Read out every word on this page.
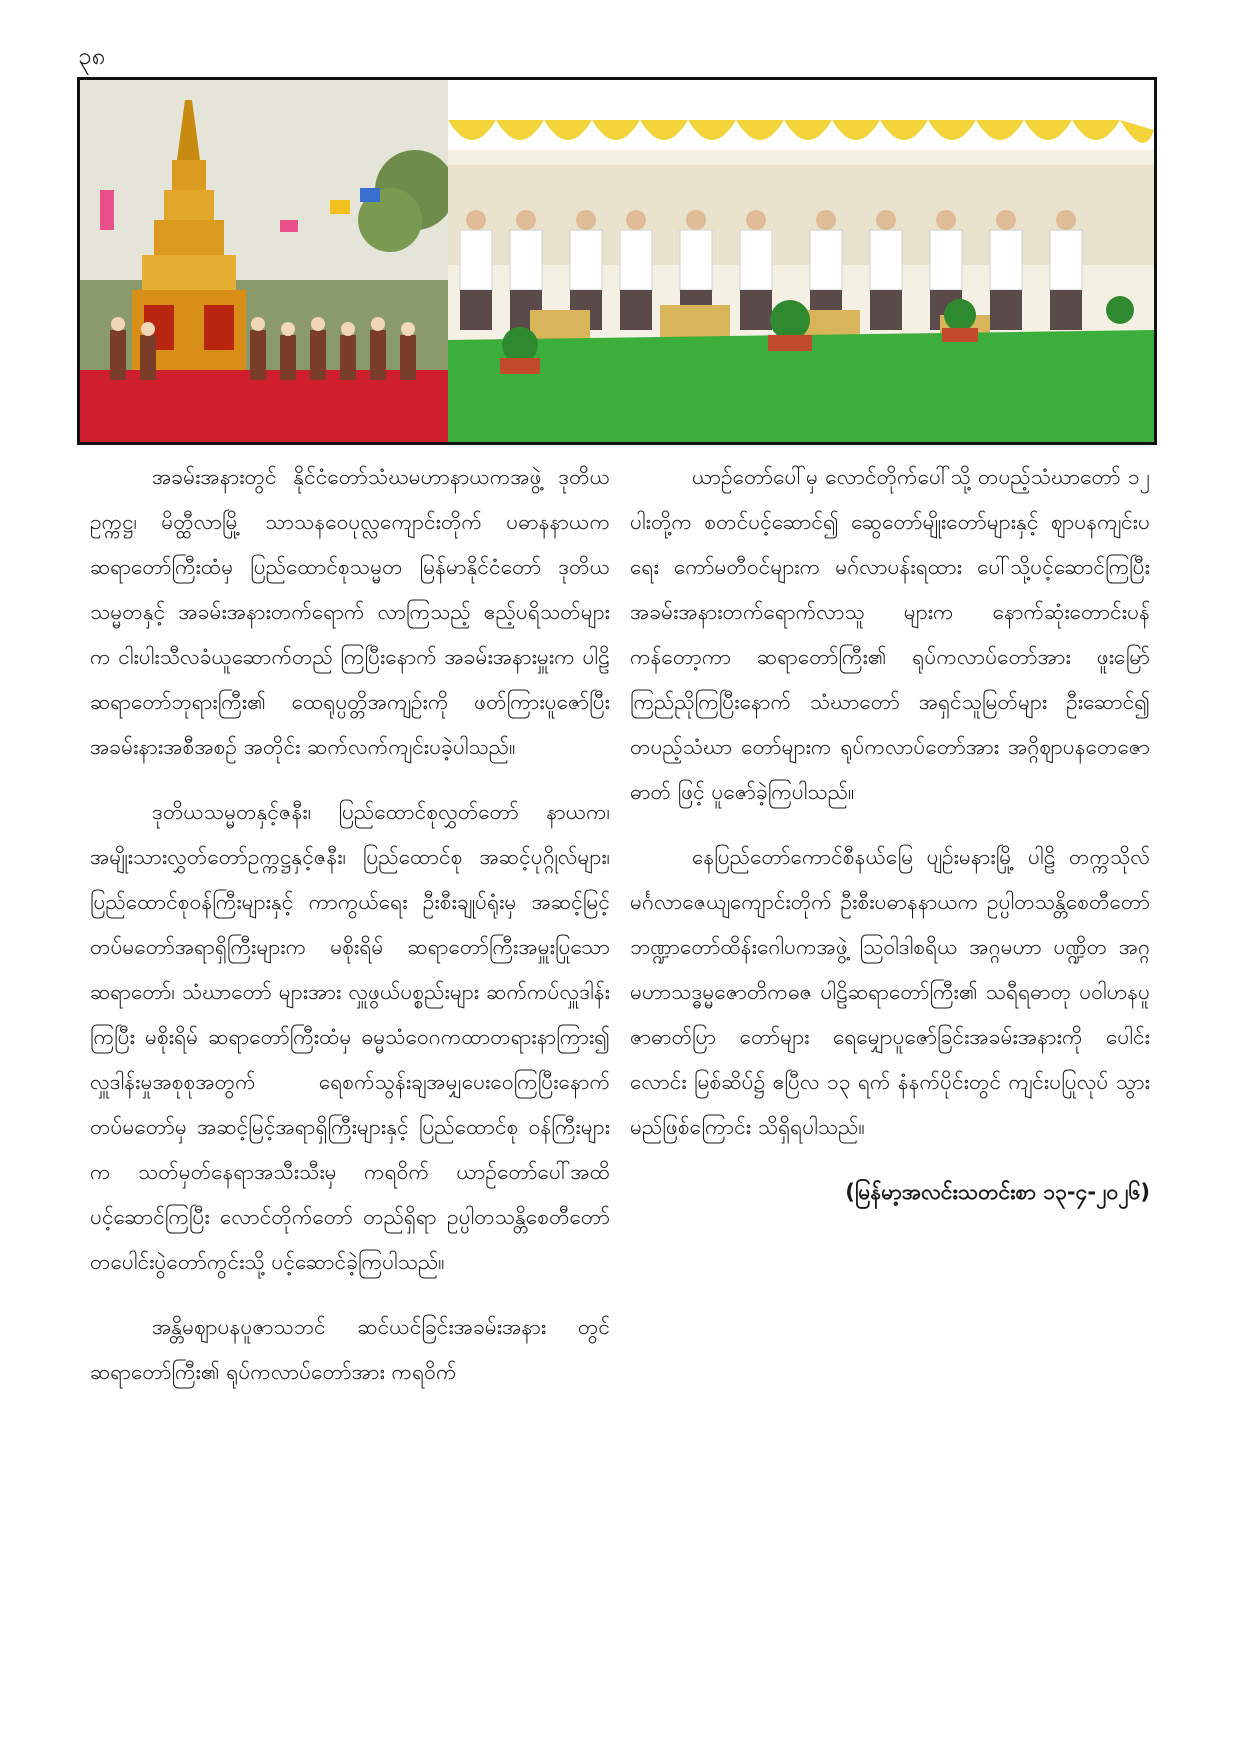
၃၈

အခမ်းအနားတွင် နိုင်ငံတော်သံဃမဟာနာယကအဖွဲ့ ဒုတိယဥက္ကဋ္ဌ၊ မိတ္ထီလာမြို့ သာသနဝေပုလ္လကျောင်းတိုက် ပဓာနနာယကဆရာတော်ကြီးထံမှ ပြည်ထောင်စုသမ္မတ မြန်မာနိုင်ငံတော် ဒုတိယသမ္မတနှင့် အခမ်းအနားတက်ရောက် လာကြသည့် ဧည့်ပရိသတ်များက ငါးပါးသီလခံယူဆောက်တည် ကြပြီးနောက် အခမ်းအနားမှူးက ပါဠိဆရာတော်ဘုရားကြီး၏ ထေရုပ္ပတ္တိအကျဉ်းကို ဖတ်ကြားပူဇော်ပြီး အခမ်းနားအစီအစဉ် အတိုင်း ဆက်လက်ကျင်းပခဲ့ပါသည်။

ဒုတိယသမ္မတနှင့်ဇနီး၊ ပြည်ထောင်စုလွှတ်တော် နာယက၊ အမျိုးသားလွှတ်တော်ဥက္ကဋ္ဌနှင့်ဇနီး၊ ပြည်ထောင်စု အဆင့်ပုဂ္ဂိုလ်များ၊ ပြည်ထောင်စုဝန်ကြီးများနှင့် ကာကွယ်ရေး ဦးစီးချုပ်ရုံးမှ အဆင့်မြင့်တပ်မတော်အရာရှိကြီးများက မစိုးရိမ် ဆရာတော်ကြီးအမှူးပြုသော ဆရာတော်၊ သံဃာတော် များအား လှူဖွယ်ပစ္စည်းများ ဆက်ကပ်လှူဒါန်းကြပြီး မစိုးရိမ် ဆရာတော်ကြီးထံမှ ဓမ္မသံဝေဂကထာတရားနာကြား၍ လှူဒါန်းမှုအစုစုအတွက် ရေစက်သွန်းချအမျှပေးဝေကြပြီးနောက် တပ်မတော်မှ အဆင့်မြင့်အရာရှိကြီးများနှင့် ပြည်ထောင်စု ဝန်ကြီးများက သတ်မှတ်နေရာအသီးသီးမှ ကရဝိက် ယာဉ်တော်ပေါ်အထိ ပင့်ဆောင်ကြပြီး လောင်တိုက်တော် တည်ရှိရာ ဥပ္ပါတသန္တိစေတီတော် တပေါင်းပွဲတော်ကွင်းသို့ ပင့်ဆောင်ခဲ့ကြပါသည်။

အန္တိမဈာပနပူဇာသဘင် ဆင်ယင်ခြင်းအခမ်းအနား တွင် ဆရာတော်ကြီး၏ ရုပ်ကလာပ်တော်အား ကရဝိက်

ယာဉ်တော်ပေါ်မှ လောင်တိုက်ပေါ်သို့ တပည့်သံဃာတော် ၁၂ ပါးတို့က စတင်ပင့်ဆောင်၍ ဆွေတော်မျိုးတော်များနှင့် ဈာပနကျင်းပရေး ကော်မတီဝင်များက မဂ်လာပန်းရထား ပေါ်သို့ပင့်ဆောင်ကြပြီး အခမ်းအနားတက်ရောက်လာသူ များက နောက်ဆုံးတောင်းပန်ကန်တော့ကာ ဆရာတော်ကြီး၏ ရုပ်ကလာပ်တော်အား ဖူးမြော်ကြည်ညိုကြပြီးနောက် သံဃာတော် အရှင်သူမြတ်များ ဦးဆောင်၍ တပည့်သံဃာ တော်များက ရုပ်ကလာပ်တော်အား အဂ္ဂိဈာပနတေဇောဓာတ် ဖြင့် ပူဇော်ခဲ့ကြပါသည်။

နေပြည်တော်ကောင်စီနယ်မြေ ပျဉ်းမနားမြို့ ပါဠိ တက္ကသိုလ် မင်္ဂလာဇေယျကျောင်းတိုက် ဦးစီးပဓာနနာယက ဥပ္ပါတသန္တိစေတီတော် ဘဏ္ဍာတော်ထိန်းဂေါပကအဖွဲ့ ဩဝါဒါစရိယ အဂ္ဂမဟာ ပဏ္ဍိတ အဂ္ဂမဟာသဒ္ဓမ္မဇောတိကဓဇ ပါဠိဆရာတော်ကြီး၏ သရီရဓာတု ပဝါဟနပူဇာဓာတ်ပြာ တော်များ ရေမျှောပူဇော်ခြင်းအခမ်းအနားကို ပေါင်းလောင်း မြစ်ဆိပ်၌ ဧပြီလ ၁၃ ရက် နံနက်ပိုင်းတွင် ကျင်းပပြုလုပ် သွားမည်ဖြစ်ကြောင်း သိရှိရပါသည်။

(မြန်မာ့အလင်းသတင်းစာ ၁၃-၄-၂၀၂၆)
